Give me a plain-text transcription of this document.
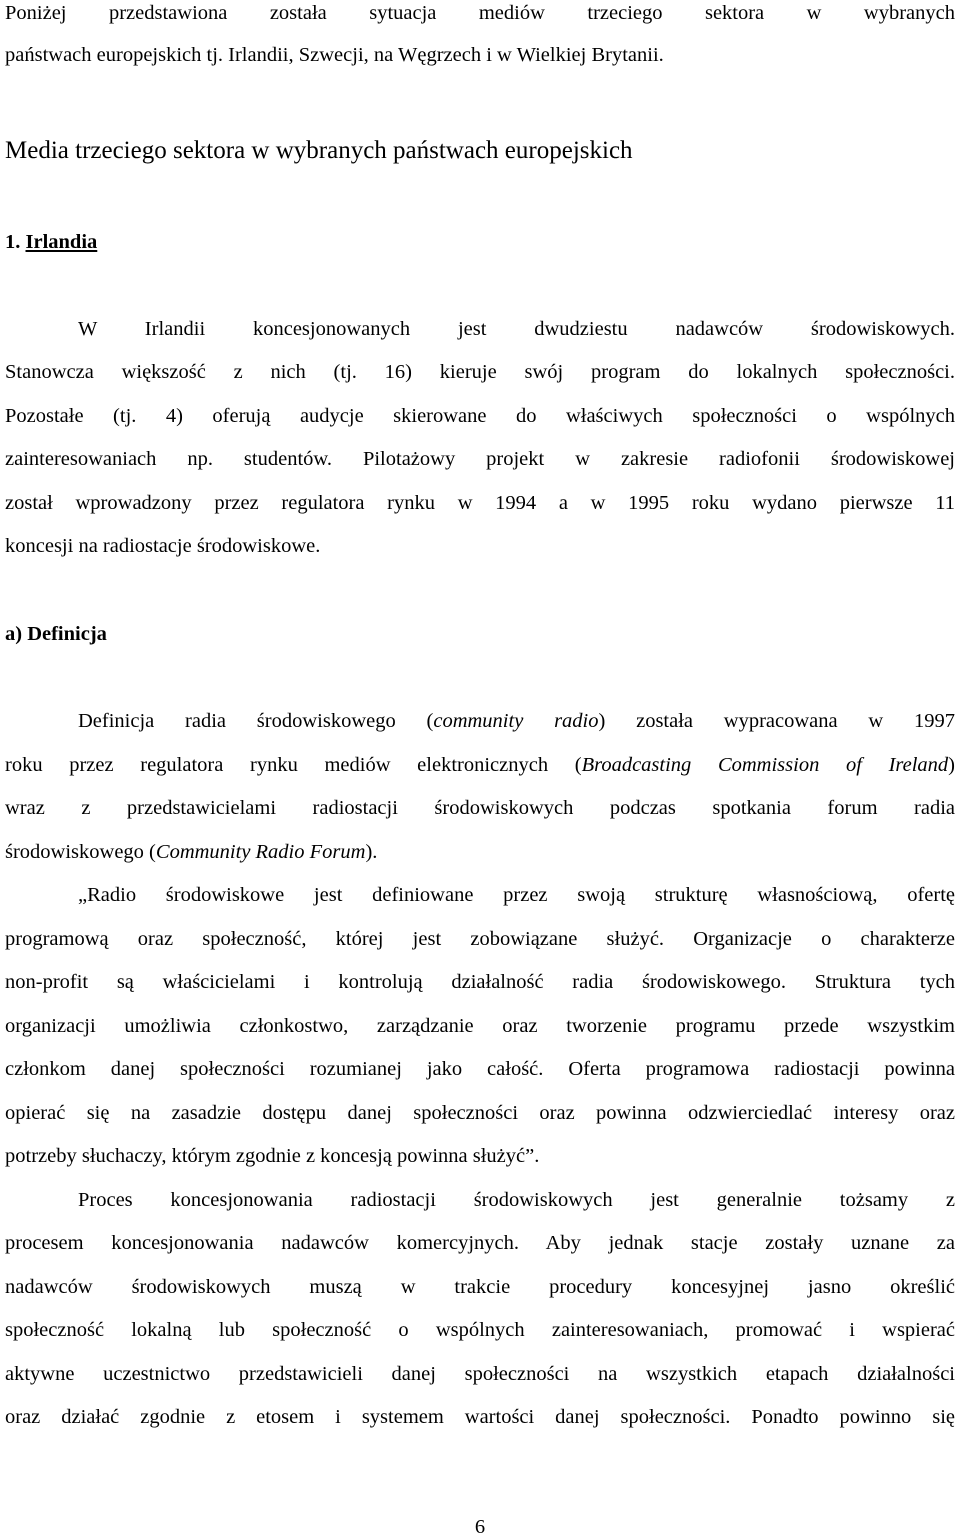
Poniżej przedstawiona została sytuacja mediów trzeciego sektora w wybranych
państwach europejskich tj. Irlandii, Szwecji, na Węgrzech i w Wielkiej Brytanii.
Media trzeciego sektora w wybranych państwach europejskich
1. Irlandia
W Irlandii koncesjonowanych jest dwudziestu nadawców środowiskowych.
Stanowcza większość z nich (tj. 16) kieruje swój program do lokalnych społeczności.
Pozostałe (tj. 4) oferują audycje skierowane do właściwych społeczności o wspólnych
zainteresowaniach np. studentów. Pilotażowy projekt w zakresie radiofonii środowiskowej
został wprowadzony przez regulatora rynku w 1994 a w 1995 roku wydano pierwsze 11
koncesji na radiostacje środowiskowe.
a) Definicja
Definicja radia środowiskowego (community radio) została wypracowana w 1997
roku przez regulatora rynku mediów elektronicznych (Broadcasting Commission of Ireland)
wraz z przedstawicielami radiostacji środowiskowych podczas spotkania forum radia
środowiskowego (Community Radio Forum).
„Radio środowiskowe jest definiowane przez swoją strukturę własnościową, ofertę
programową oraz społeczność, której jest zobowiązane służyć. Organizacje o charakterze
non-profit są właścicielami i kontrolują działalność radia środowiskowego. Struktura tych
organizacji umożliwia członkostwo, zarządzanie oraz tworzenie programu przede wszystkim
członkom danej społeczności rozumianej jako całość. Oferta programowa radiostacji powinna
opierać się na zasadzie dostępu danej społeczności oraz powinna odzwierciedlać interesy oraz
potrzeby słuchaczy, którym zgodnie z koncesją powinna służyć”.
Proces koncesjonowania radiostacji środowiskowych jest generalnie tożsamy z
procesem koncesjonowania nadawców komercyjnych. Aby jednak stacje zostały uznane za
nadawców środowiskowych muszą w trakcie procedury koncesyjnej jasno określić
społeczność lokalną lub społeczność o wspólnych zainteresowaniach, promować i wspierać
aktywne uczestnictwo przedstawicieli danej społeczności na wszystkich etapach działalności
oraz działać zgodnie z etosem i systemem wartości danej społeczności. Ponadto powinno się
6
